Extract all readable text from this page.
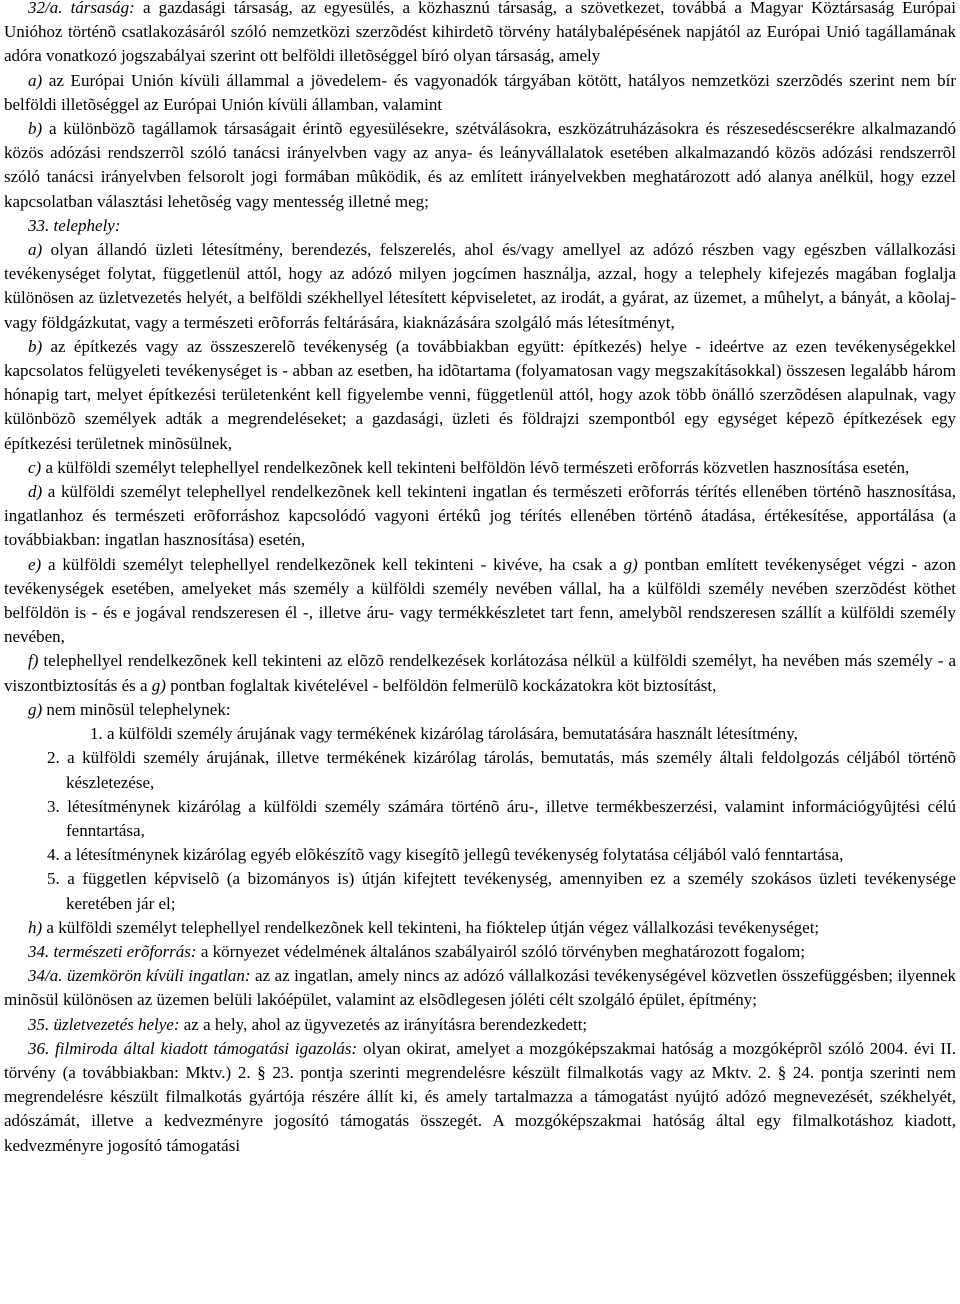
32/a. társaság: a gazdasági társaság, az egyesülés, a közhasznú társaság, a szövetkezet, továbbá a Magyar Köztársaság Európai Unióhoz történõ csatlakozásáról szóló nemzetközi szerzõdést kihirdetõ törvény hatálybalépésének napjától az Európai Unió tagállamának adóra vonatkozó jogszabályai szerint ott belföldi illetõséggel bíró olyan társaság, amely

a) az Európai Unión kívüli állammal a jövedelem- és vagyonadók tárgyában kötött, hatályos nemzetközi szerzõdés szerint nem bír belföldi illetõséggel az Európai Unión kívüli államban, valamint

b) a különbözõ tagállamok társaságait érintõ egyesülésekre, szétválásokra, eszközátruházásokra és részesedéscserékre alkalmazandó közös adózási rendszerrõl szóló tanácsi irányelvben vagy az anya- és leányvállalatok esetében alkalmazandó közös adózási rendszerrõl szóló tanácsi irányelvben felsorolt jogi formában mûködik, és az említett irányelvekben meghatározott adó alanya anélkül, hogy ezzel kapcsolatban választási lehetõség vagy mentesség illetné meg;

33. telephely:

a) olyan állandó üzleti létesítmény, berendezés, felszerelés, ahol és/vagy amellyel az adózó részben vagy egészben vállalkozási tevékenységet folytat, függetlenül attól, hogy az adózó milyen jogcímen használja, azzal, hogy a telephely kifejezés magában foglalja különösen az üzletvezetés helyét, a belföldi székhellyel létesített képviseletet, az irodát, a gyárat, az üzemet, a mûhelyt, a bányát, a kõolaj- vagy földgázkutat, vagy a természeti erõforrás feltárására, kiaknázására szolgáló más létesítményt,

b) az építkezés vagy az összeszerelõ tevékenység (a továbbiakban együtt: építkezés) helye - ideértve az ezen tevékenységekkel kapcsolatos felügyeleti tevékenységet is - abban az esetben, ha idõtartama (folyamatosan vagy megszakításokkal) összesen legalább három hónapig tart, melyet építkezési területenként kell figyelembe venni, függetlenül attól, hogy azok több önálló szerzõdésen alapulnak, vagy különbözõ személyek adták a megrendeléseket; a gazdasági, üzleti és földrajzi szempontból egy egységet képezõ építkezések egy építkezési területnek minõsülnek,

c) a külföldi személyt telephellyel rendelkezõnek kell tekinteni belföldön lévõ természeti erõforrás közvetlen hasznosítása esetén,

d) a külföldi személyt telephellyel rendelkezõnek kell tekinteni ingatlan és természeti erõforrás térítés ellenében történõ hasznosítása, ingatlanhoz és természeti erõforráshoz kapcsolódó vagyoni értékû jog térítés ellenében történõ átadása, értékesítése, apportálása (a továbbiakban: ingatlan hasznosítása) esetén,

e) a külföldi személyt telephellyel rendelkezõnek kell tekinteni - kivéve, ha csak a g) pontban említett tevékenységet végzi - azon tevékenységek esetében, amelyeket más személy a külföldi személy nevében vállal, ha a külföldi személy nevében szerzõdést köthet belföldön is - és e jogával rendszeresen él -, illetve áru- vagy termékkészletet tart fenn, amelybõl rendszeresen szállít a külföldi személy nevében,

f) telephellyel rendelkezõnek kell tekinteni az elõzõ rendelkezések korlátozása nélkül a külföldi személyt, ha nevében más személy - a viszontbiztosítás és a g) pontban foglaltak kivételével - belföldön felmerülõ kockázatokra köt biztosítást,

g) nem minõsül telephelynek:

1. a külföldi személy árujának vagy termékének kizárólag tárolására, bemutatására használt létesítmény,

2. a külföldi személy árujának, illetve termékének kizárólag tárolás, bemutatás, más személy általi feldolgozás céljából történõ készletezése,

3. létesítménynek kizárólag a külföldi személy számára történõ áru-, illetve termékbeszerzési, valamint információgyûjtési célú fenntartása,

4. a létesítménynek kizárólag egyéb elõkészítõ vagy kisegítõ jellegû tevékenység folytatása céljából való fenntartása,

5. a független képviselõ (a bizományos is) útján kifejtett tevékenység, amennyiben ez a személy szokásos üzleti tevékenysége keretében jár el;

h) a külföldi személyt telephellyel rendelkezõnek kell tekinteni, ha fióktelep útján végez vállalkozási tevékenységet;

34. természeti erõforrás: a környezet védelmének általános szabályairól szóló törvényben meghatározott fogalom;

34/a. üzemkörön kívüli ingatlan: az az ingatlan, amely nincs az adózó vállalkozási tevékenységével közvetlen összefüggésben; ilyennek minõsül különösen az üzemen belüli lakóépület, valamint az elsõdlegesen jóléti célt szolgáló épület, építmény;

35. üzletvezetés helye: az a hely, ahol az ügyvezetés az irányításra berendezkedett;

36. filmiroda által kiadott támogatási igazolás: olyan okirat, amelyet a mozgóképszakmai hatóság a mozgóképrõl szóló 2004. évi II. törvény (a továbbiakban: Mktv.) 2. § 23. pontja szerinti megrendelésre készült filmalkotás vagy az Mktv. 2. § 24. pontja szerinti nem megrendelésre készült filmalkotás gyártója részére állít ki, és amely tartalmazza a támogatást nyújtó adózó megnevezését, székhelyét, adószámát, illetve a kedvezményre jogosító támogatás összegét. A mozgóképszakmai hatóság által egy filmalkotáshoz kiadott, kedvezményre jogosító támogatási
